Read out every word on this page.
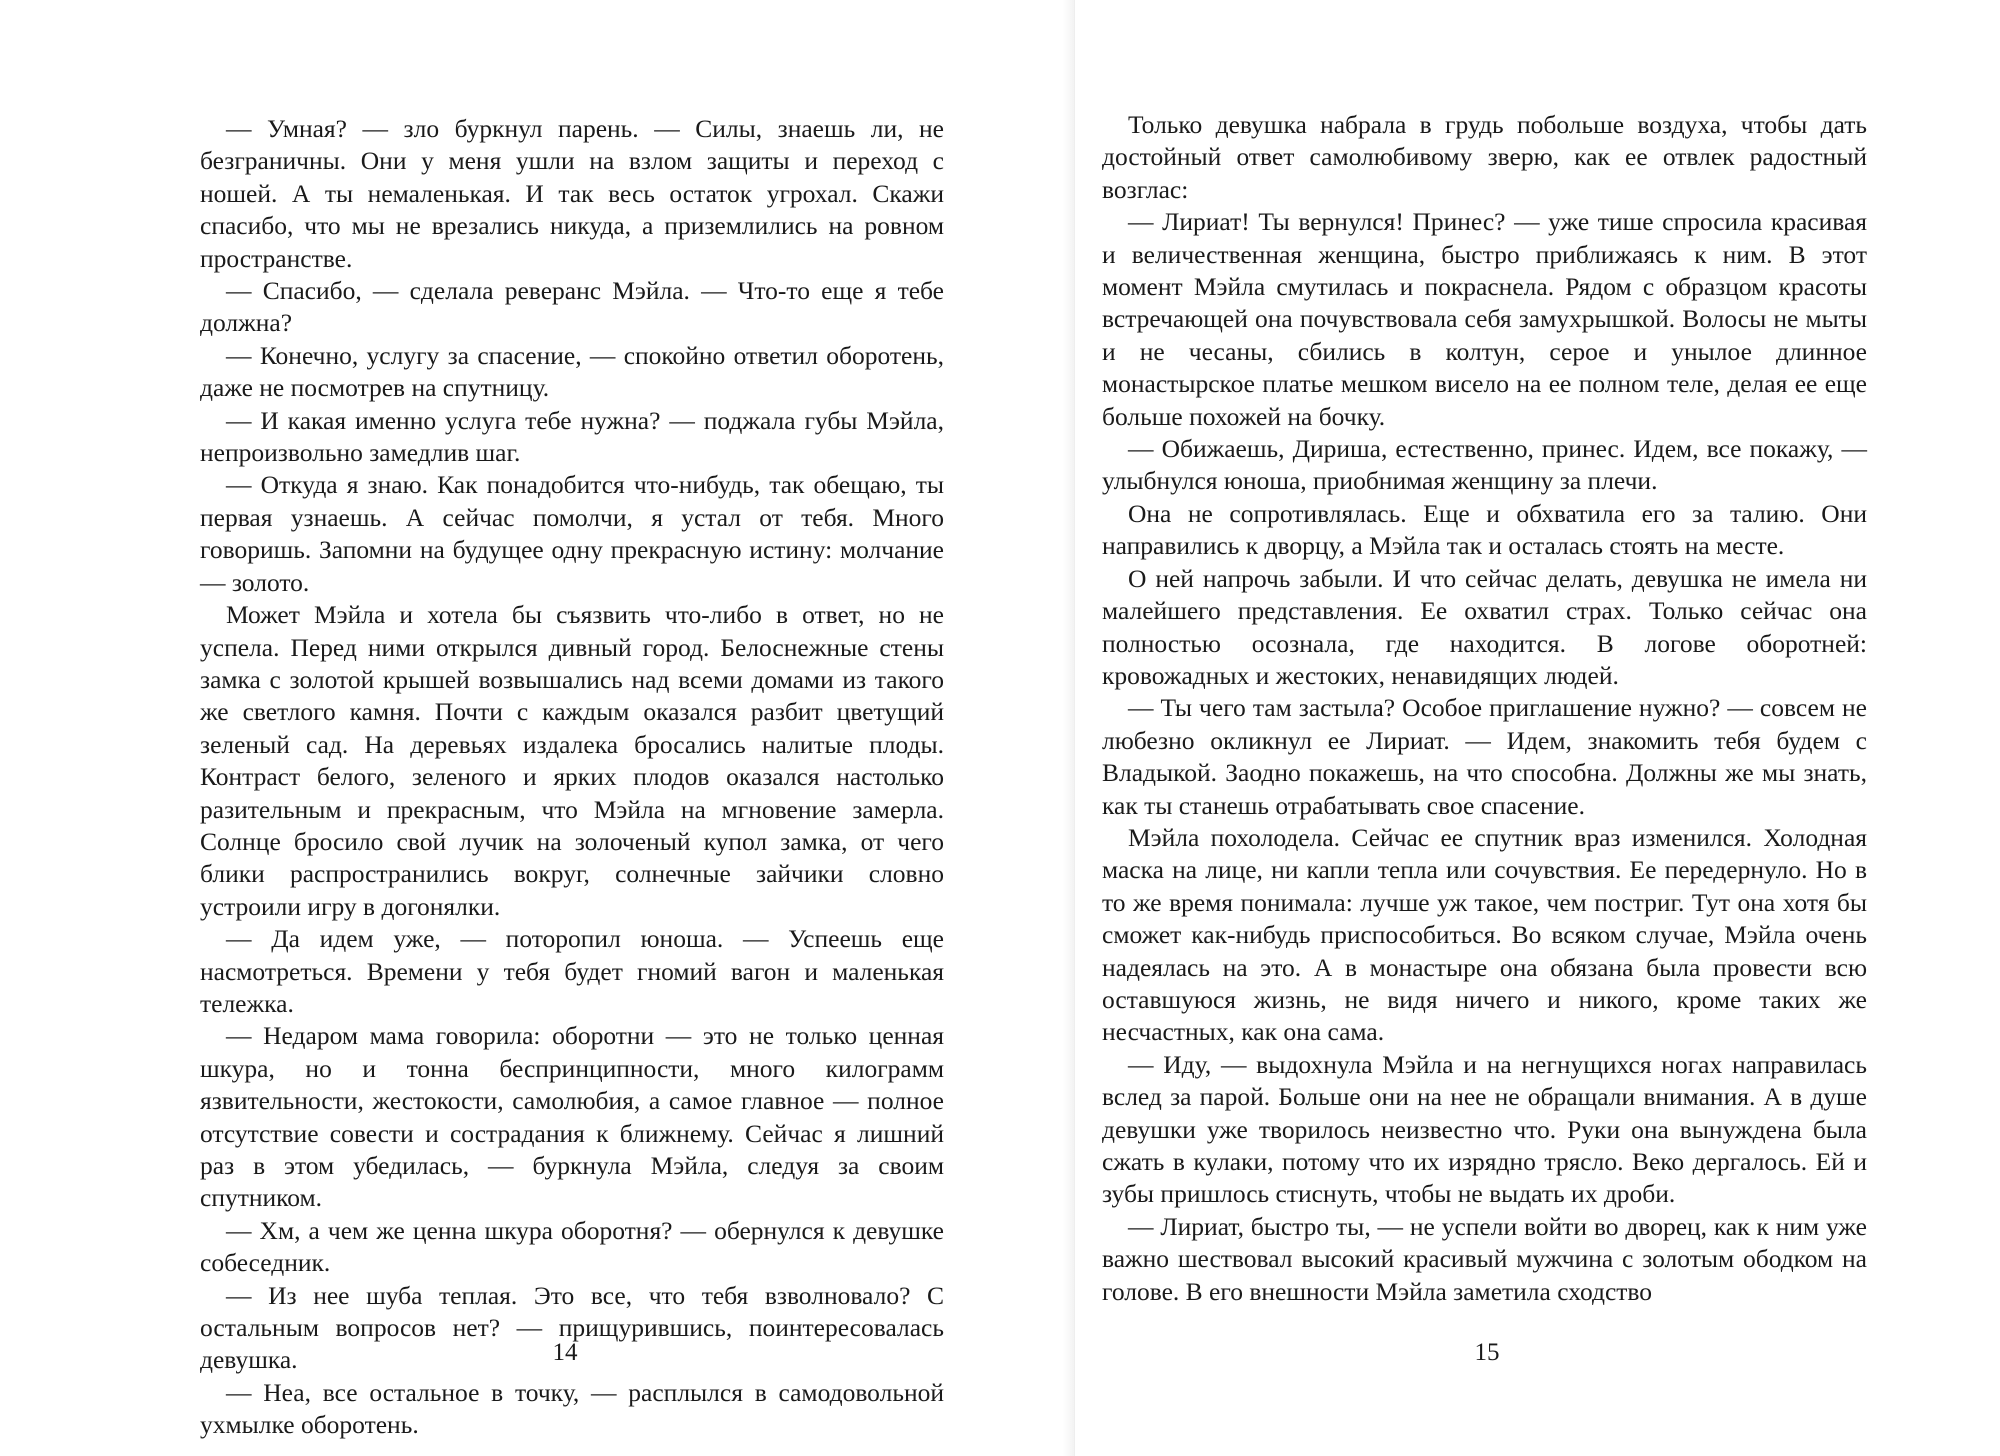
— Умная? — зло буркнул парень. — Силы, знаешь ли, не безграничны. Они у меня ушли на взлом защиты и переход с ношей. А ты немаленькая. И так весь остаток угрохал. Скажи спасибо, что мы не врезались никуда, а приземлились на ровном пространстве.

— Спасибо, — сделала реверанс Мэйла. — Что-то еще я тебе должна?

— Конечно, услугу за спасение, — спокойно ответил оборотень, даже не посмотрев на спутницу.

— И какая именно услуга тебе нужна? — поджала губы Мэйла, непроизвольно замедлив шаг.

— Откуда я знаю. Как понадобится что-нибудь, так обещаю, ты первая узнаешь. А сейчас помолчи, я устал от тебя. Много говоришь. Запомни на будущее одну прекрасную истину: молчание — золото.

Может Мэйла и хотела бы съязвить что-либо в ответ, но не успела. Перед ними открылся дивный город. Белоснежные стены замка с золотой крышей возвышались над всеми домами из такого же светлого камня. Почти с каждым оказался разбит цветущий зеленый сад. На деревьях издалека бросались налитые плоды. Контраст белого, зеленого и ярких плодов оказался настолько разительным и прекрасным, что Мэйла на мгновение замерла. Солнце бросило свой лучик на золоченый купол замка, от чего блики распространились вокруг, солнечные зайчики словно устроили игру в догонялки.

— Да идем уже, — поторопил юноша. — Успеешь еще насмотреться. Времени у тебя будет гномий вагон и маленькая тележка.

— Недаром мама говорила: оборотни — это не только ценная шкура, но и тонна беспринципности, много килограмм язвительности, жестокости, самолюбия, а самое главное — полное отсутствие совести и сострадания к ближнему. Сейчас я лишний раз в этом убедилась, — буркнула Мэйла, следуя за своим спутником.

— Хм, а чем же ценна шкура оборотня? — обернулся к девушке собеседник.

— Из нее шуба теплая. Это все, что тебя взволновало? С остальным вопросов нет? — прищурившись, поинтересовалась девушка.

— Неа, все остальное в точку, — расплылся в самодовольной ухмылке оборотень.

14

Только девушка набрала в грудь побольше воздуха, чтобы дать достойный ответ самолюбивому зверю, как ее отвлек радостный возглас:

— Лириат! Ты вернулся! Принес? — уже тише спросила красивая и величественная женщина, быстро приближаясь к ним. В этот момент Мэйла смутилась и покраснела. Рядом с образцом красоты встречающей она почувствовала себя замухрышкой. Волосы не мыты и не чесаны, сбились в колтун, серое и унылое длинное монастырское платье мешком висело на ее полном теле, делая ее еще больше похожей на бочку.

— Обижаешь, Дириша, естественно, принес. Идем, все покажу, — улыбнулся юноша, приобнимая женщину за плечи.

Она не сопротивлялась. Еще и обхватила его за талию. Они направились к дворцу, а Мэйла так и осталась стоять на месте.

О ней напрочь забыли. И что сейчас делать, девушка не имела ни малейшего представления. Ее охватил страх. Только сейчас она полностью осознала, где находится. В логове оборотней: кровожадных и жестоких, ненавидящих людей.

— Ты чего там застыла? Особое приглашение нужно? — совсем не любезно окликнул ее Лириат. — Идем, знакомить тебя будем с Владыкой. Заодно покажешь, на что способна. Должны же мы знать, как ты станешь отрабатывать свое спасение.

Мэйла похолодела. Сейчас ее спутник враз изменился. Холодная маска на лице, ни капли тепла или сочувствия. Ее передернуло. Но в то же время понимала: лучше уж такое, чем постриг. Тут она хотя бы сможет как-нибудь приспособиться. Во всяком случае, Мэйла очень надеялась на это. А в монастыре она обязана была провести всю оставшуюся жизнь, не видя ничего и никого, кроме таких же несчастных, как она сама.

— Иду, — выдохнула Мэйла и на негнущихся ногах направилась вслед за парой. Больше они на нее не обращали внимания. А в душе девушки уже творилось неизвестно что. Руки она вынуждена была сжать в кулаки, потому что их изрядно трясло. Веко дергалось. Ей и зубы пришлось стиснуть, чтобы не выдать их дроби.

— Лириат, быстро ты, — не успели войти во дворец, как к ним уже важно шествовал высокий красивый мужчина с золотым ободком на голове. В его внешности Мэйла заметила сходство

15
